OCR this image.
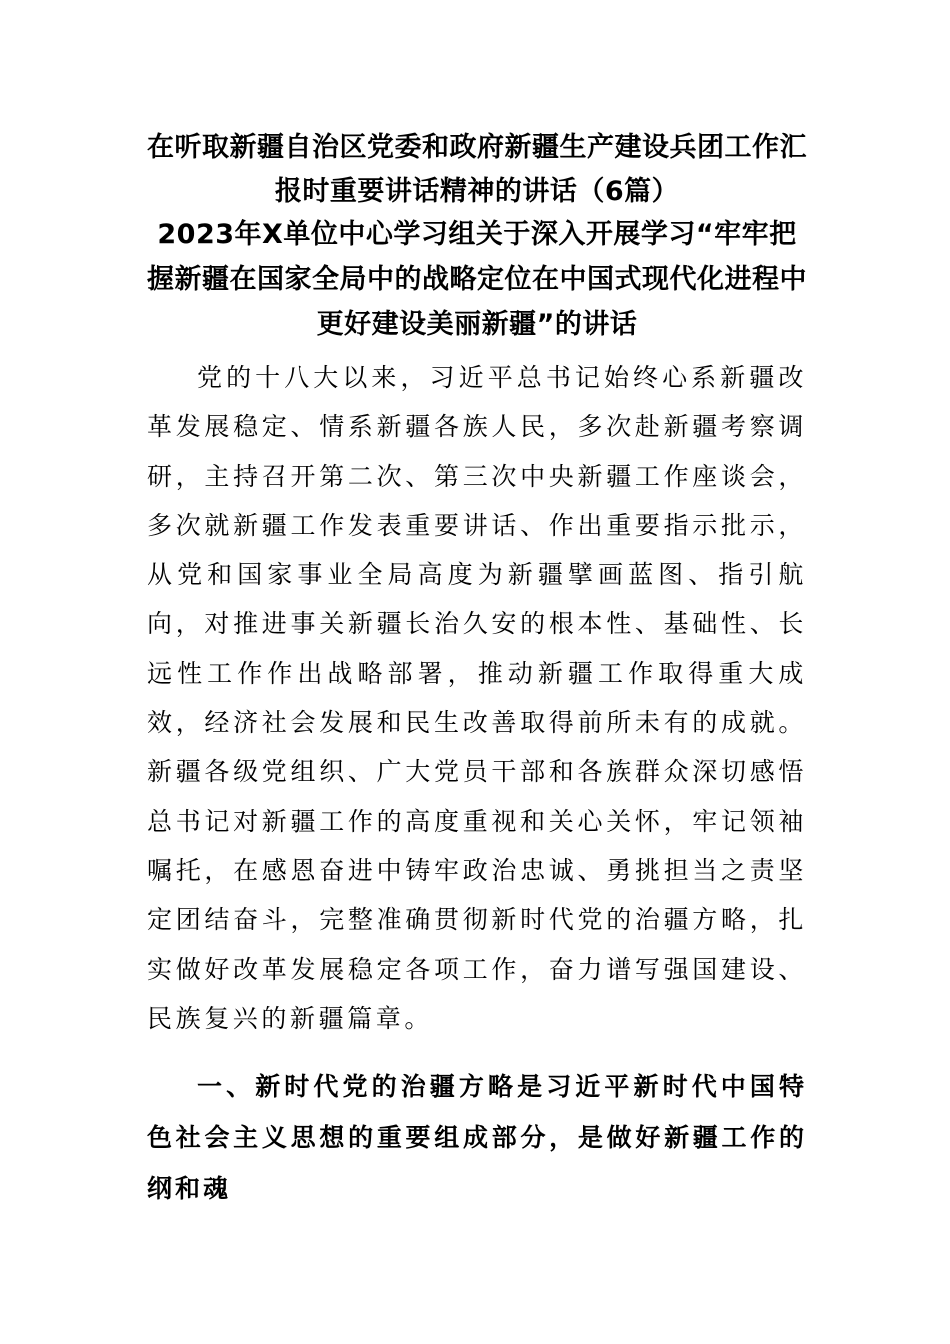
在听取新疆自治区党委和政府新疆生产建设兵团工作汇报时重要讲话精神的讲话（6篇）
2023年X单位中心学习组关于深入开展学习“牢牢把握新疆在国家全局中的战略定位在中国式现代化进程中更好建设美丽新疆”的讲话

党的十八大以来，习近平总书记始终心系新疆改革发展稳定、情系新疆各族人民，多次赴新疆考察调研，主持召开第二次、第三次中央新疆工作座谈会，多次就新疆工作发表重要讲话、作出重要指示批示，从党和国家事业全局高度为新疆擘画蓝图、指引航向，对推进事关新疆长治久安的根本性、基础性、长远性工作作出战略部署，推动新疆工作取得重大成效，经济社会发展和民生改善取得前所未有的成就。新疆各级党组织、广大党员干部和各族群众深切感悟总书记对新疆工作的高度重视和关心关怀，牢记领袖嘱托，在感恩奋进中铸牢政治忠诚、勇挑担当之责坚定团结奋斗，完整准确贯彻新时代党的治疆方略，扎实做好改革发展稳定各项工作，奋力谱写强国建设、民族复兴的新疆篇章。

一、新时代党的治疆方略是习近平新时代中国特色社会主义思想的重要组成部分，是做好新疆工作的纲和魂
